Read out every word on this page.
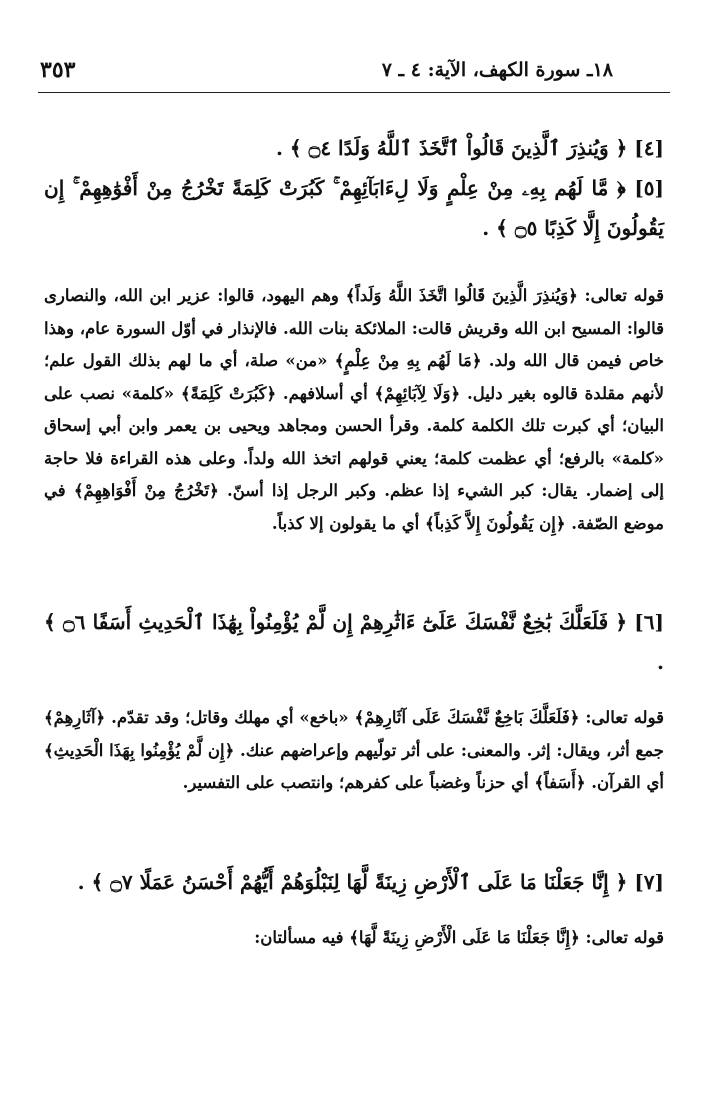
٣٥٣	١٨ـ سورة الكهف، الآية: ٤ ـ ٧

[٤] ﴿ وَيُنذِرَ ٱلَّذِينَ قَالُواْ ٱتَّخَذَ ٱللَّهُ وَلَدًا ۝٤ ﴾ .

[٥] ﴿ مَّا لَهُم بِهِۦ مِنْ عِلْمٍ وَلَا لِءَابَآئِهِمْ ۚ كَبُرَتْ كَلِمَةً تَخْرُجُ مِنْ أَفْوَٰهِهِمْ ۚ إِن يَقُولُونَ إِلَّا كَذِبًا ۝٥ ﴾ .

قوله تعالى: ﴿وَيُنذِرَ الَّذِينَ قَالُوا اتَّخَذَ اللَّهُ وَلَداً﴾ وهم اليهود، قالوا: عزير ابن الله، والنصارى قالوا: المسيح ابن الله وقريش قالت: الملائكة بنات الله. فالإنذار في أوّل السورة عام، وهذا خاص فيمن قال الله ولد. ﴿مَا لَهُم بِهِ مِنْ عِلْمٍ﴾ «من» صلة، أي ما لهم بذلك القول علم؛ لأنهم مقلدة قالوه بغير دليل. ﴿وَلَا لِآبَائِهِمْ﴾ أي أسلافهم. ﴿كَبُرَتْ كَلِمَةً﴾ «كلمة» نصب على البيان؛ أي كبرت تلك الكلمة كلمة. وقرأ الحسن ومجاهد ويحيى بن يعمر وابن أبي إسحاق «كلمة» بالرفع؛ أي عظمت كلمة؛ يعني قولهم اتخذ الله ولداً. وعلى هذه القراءة فلا حاجة إلى إضمار. يقال: كبر الشيء إذا عظم. وكبر الرجل إذا أسنّ. ﴿تَخْرُجُ مِنْ أَفْوَاهِهِمْ﴾ في موضع الصّفة. ﴿إِن يَقُولُونَ إِلاَّ كَذِباً﴾ أي ما يقولون إلا كذباً.

[٦] ﴿ فَلَعَلَّكَ بَٰخِعٌ نَّفْسَكَ عَلَىٰٓ ءَاثَٰرِهِمْ إِن لَّمْ يُؤْمِنُواْ بِهَٰذَا ٱلْحَدِيثِ أَسَفًا ۝٦ ﴾ .

قوله تعالى: ﴿فَلَعَلَّكَ بَاخِعٌ نَّفْسَكَ عَلَى آثَارِهِمْ﴾ «باخع» أي مهلك وقاتل؛ وقد تقدّم. ﴿آثَارِهِمْ﴾ جمع أثر، ويقال: إثر. والمعنى: على أثر تولّيهم وإعراضهم عنك. ﴿إِن لَّمْ يُؤْمِنُوا بِهَذَا الْحَدِيثِ﴾ أي القرآن. ﴿أَسَفاً﴾ أي حزناً وغضباً على كفرهم؛ وانتصب على التفسير.

[٧] ﴿ إِنَّا جَعَلْنَا مَا عَلَى ٱلْأَرْضِ زِينَةً لَّهَا لِنَبْلُوَهُمْ أَيُّهُمْ أَحْسَنُ عَمَلًا ۝٧ ﴾ .

قوله تعالى: ﴿إِنَّا جَعَلْنَا مَا عَلَى الْأَرْضِ زِينَةً لَّهَا﴾ فيه مسألتان:
